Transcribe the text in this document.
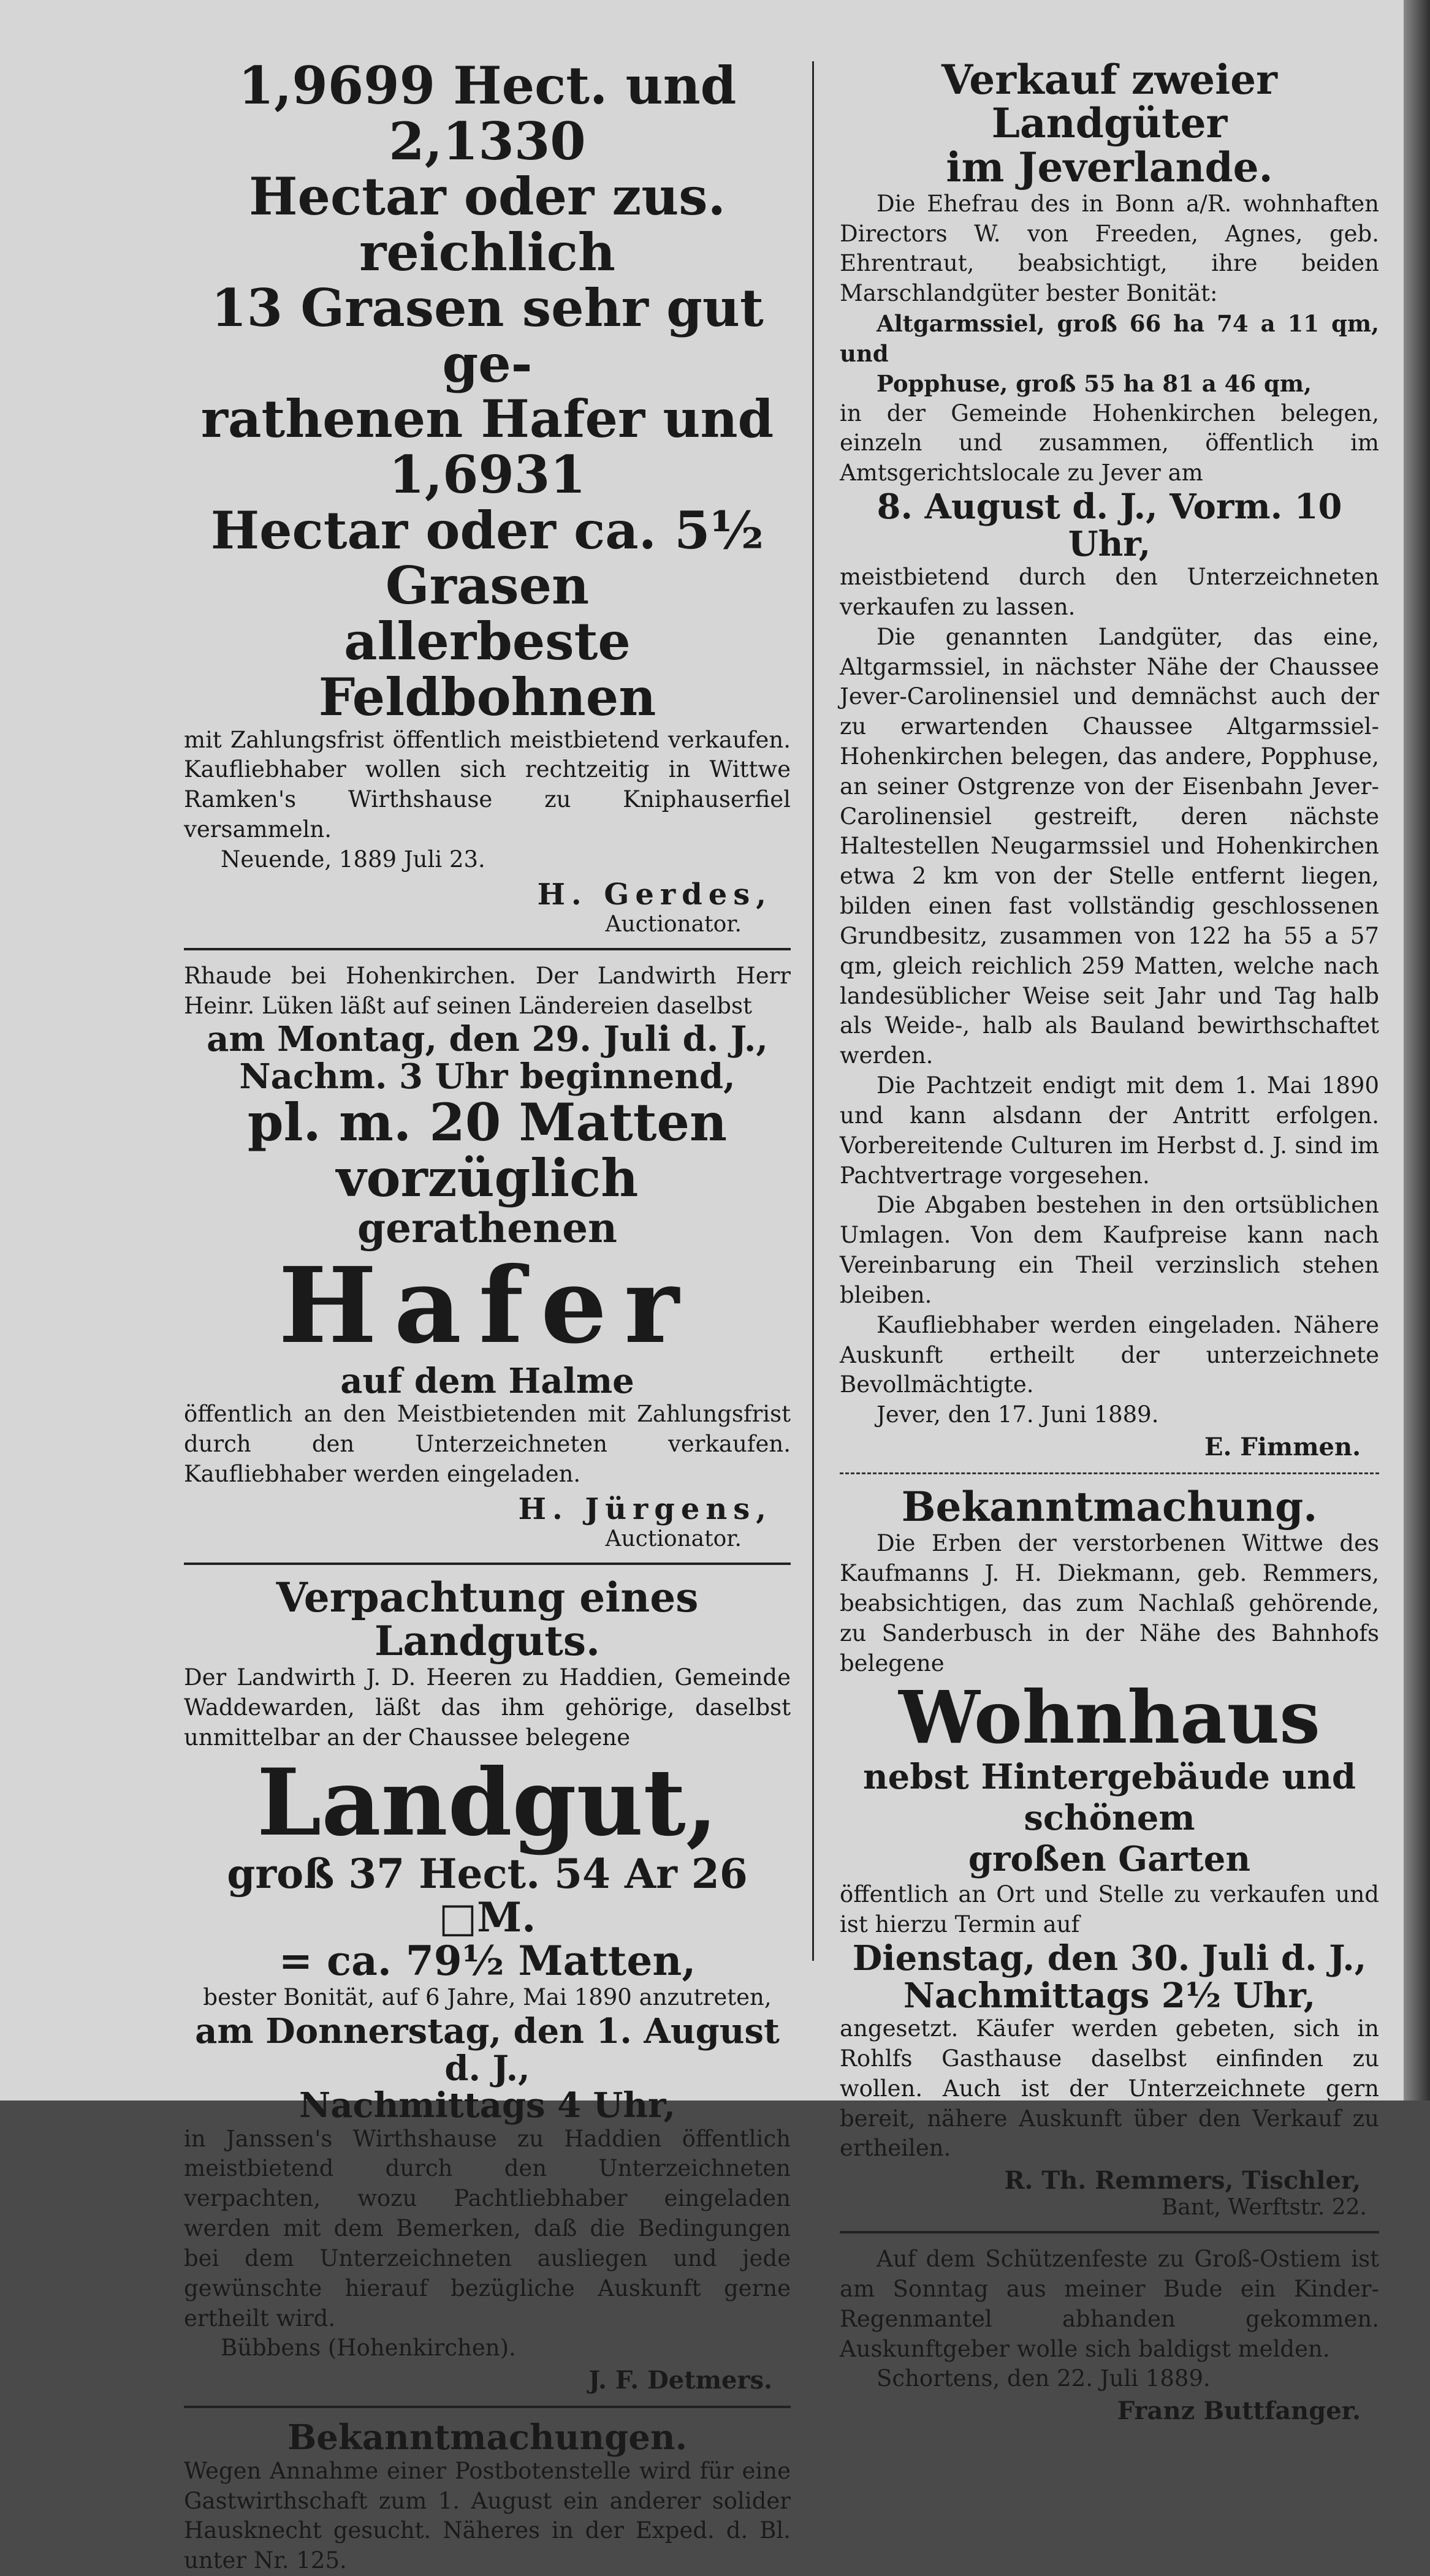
1,9699 Hect. und 2,1330
Hectar oder zus. reichlich
13 Grasen sehr gut ge-
rathenen Hafer und 1,6931
Hectar oder ca. 5½ Grasen
allerbeste Feldbohnen

mit Zahlungsfrist öffentlich meistbietend verkaufen. Kaufliebhaber wollen sich rechtzeitig in Wittwe Ramken's Wirthshause zu Kniphauserfiel versammeln.

Neuende, 1889 Juli 23.

H. Gerdes,
Auctionator.

Rhaude bei Hohenkirchen. Der Landwirth Herr Heinr. Lüken läßt auf seinen Ländereien daselbst

am Montag, den 29. Juli d. J.,
Nachm. 3 Uhr beginnend,
pl. m. 20 Matten vorzüglich
gerathenen
Hafer
auf dem Halme

öffentlich an den Meistbietenden mit Zahlungsfrist durch den Unterzeichneten verkaufen. Kaufliebhaber werden eingeladen.

H. Jürgens,
Auctionator.
Verpachtung eines Landguts.

Der Landwirth J. D. Heeren zu Haddien, Gemeinde Waddewarden, läßt das ihm gehörige, daselbst unmittelbar an der Chaussee belegene

Landgut,
groß 37 Hect. 54 Ar 26 □M.
= ca. 79½ Matten,

bester Bonität, auf 6 Jahre, Mai 1890 anzutreten,

am Donnerstag, den 1. August d. J.,
Nachmittags 4 Uhr,

in Janssen's Wirthshause zu Haddien öffentlich meistbietend durch den Unterzeichneten verpachten, wozu Pachtliebhaber eingeladen werden mit dem Bemerken, daß die Bedingungen bei dem Unterzeichneten ausliegen und jede gewünschte hierauf bezügliche Auskunft gerne ertheilt wird.

Bübbens (Hohenkirchen).

J. F. Detmers.
Bekanntmachungen.

Wegen Annahme einer Postbotenstelle wird für eine Gastwirthschaft zum 1. August ein anderer solider Hausknecht gesucht. Näheres in der Exped. d. Bl. unter Nr. 125.

Verkauf zweier Landgüter
im Jeverlande.

Die Ehefrau des in Bonn a/R. wohnhaften Directors W. von Freeden, Agnes, geb. Ehrentraut, beabsichtigt, ihre beiden Marschlandgüter bester Bonität:

Altgarmssiel, groß 66 ha 74 a 11 qm, und

Popphuse, groß 55 ha 81 a 46 qm,

in der Gemeinde Hohenkirchen belegen, einzeln und zusammen, öffentlich im Amtsgerichtslocale zu Jever am

8. August d. J., Vorm. 10 Uhr,

meistbietend durch den Unterzeichneten verkaufen zu lassen.

Die genannten Landgüter, das eine, Altgarmssiel, in nächster Nähe der Chaussee Jever-Carolinensiel und demnächst auch der zu erwartenden Chaussee Altgarmssiel-Hohenkirchen belegen, das andere, Popphuse, an seiner Ostgrenze von der Eisenbahn Jever-Carolinensiel gestreift, deren nächste Haltestellen Neugarmssiel und Hohenkirchen etwa 2 km von der Stelle entfernt liegen, bilden einen fast vollständig geschlossenen Grundbesitz, zusammen von 122 ha 55 a 57 qm, gleich reichlich 259 Matten, welche nach landesüblicher Weise seit Jahr und Tag halb als Weide-, halb als Bauland bewirthschaftet werden.

Die Pachtzeit endigt mit dem 1. Mai 1890 und kann alsdann der Antritt erfolgen. Vorbereitende Culturen im Herbst d. J. sind im Pachtvertrage vorgesehen.

Die Abgaben bestehen in den ortsüblichen Umlagen. Von dem Kaufpreise kann nach Vereinbarung ein Theil verzinslich stehen bleiben.

Kaufliebhaber werden eingeladen. Nähere Auskunft ertheilt der unterzeichnete Bevollmächtigte.

Jever, den 17. Juni 1889.

E. Fimmen.
Bekanntmachung.

Die Erben der verstorbenen Wittwe des Kaufmanns J. H. Diekmann, geb. Remmers, beabsichtigen, das zum Nachlaß gehörende, zu Sanderbusch in der Nähe des Bahnhofs belegene

Wohnhaus
nebst Hintergebäude und schönem
großen Garten

öffentlich an Ort und Stelle zu verkaufen und ist hierzu Termin auf

Dienstag, den 30. Juli d. J.,
Nachmittags 2½ Uhr,

angesetzt. Käufer werden gebeten, sich in Rohlfs Gasthause daselbst einfinden zu wollen. Auch ist der Unterzeichnete gern bereit, nähere Auskunft über den Verkauf zu ertheilen.

R. Th. Remmers, Tischler,
Bant, Werftstr. 22.

Auf dem Schützenfeste zu Groß-Ostiem ist am Sonntag aus meiner Bude ein Kinder-Regenmantel abhanden gekommen. Auskunftgeber wolle sich baldigst melden.

Schortens, den 22. Juli 1889.

Franz Buttfanger.
